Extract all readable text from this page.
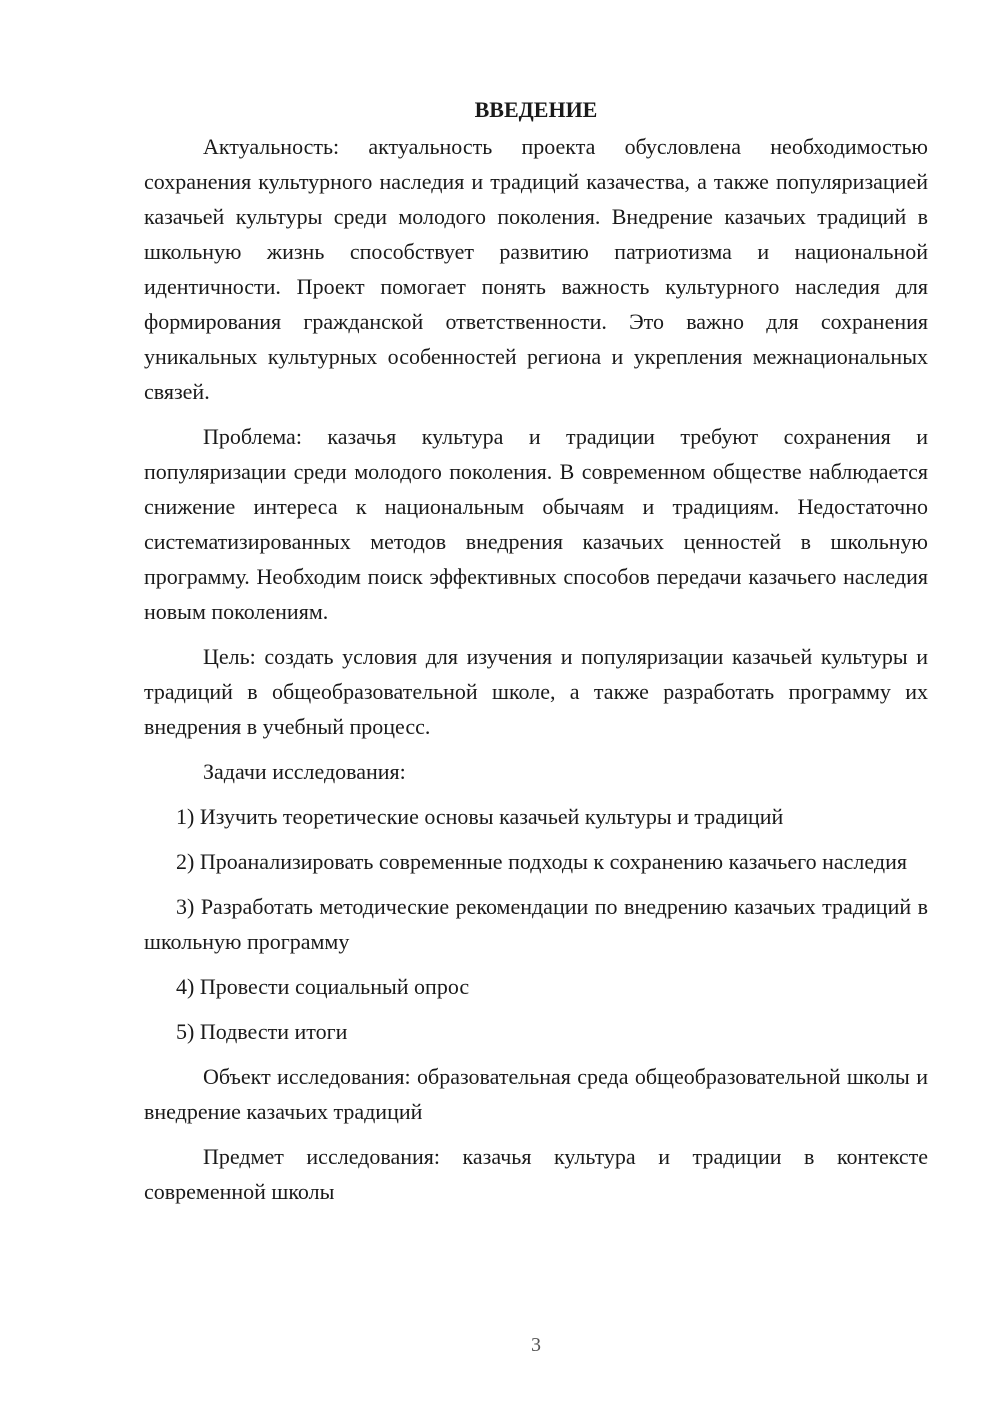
ВВЕДЕНИЕ

Актуальность: актуальность проекта обусловлена необходимостью сохранения культурного наследия и традиций казачества, а также популяризацией казачьей культуры среди молодого поколения. Внедрение казачьих традиций в школьную жизнь способствует развитию патриотизма и национальной идентичности. Проект помогает понять важность культурного наследия для формирования гражданской ответственности. Это важно для сохранения уникальных культурных особенностей региона и укрепления межнациональных связей.

Проблема: казачья культура и традиции требуют сохранения и популяризации среди молодого поколения. В современном обществе наблюдается снижение интереса к национальным обычаям и традициям. Недостаточно систематизированных методов внедрения казачьих ценностей в школьную программу. Необходим поиск эффективных способов передачи казачьего наследия новым поколениям.

Цель: создать условия для изучения и популяризации казачьей культуры и традиций в общеобразовательной школе, а также разработать программу их внедрения в учебный процесс.

Задачи исследования:

1) Изучить теоретические основы казачьей культуры и традиций

2) Проанализировать современные подходы к сохранению казачьего наследия

3) Разработать методические рекомендации по внедрению казачьих традиций в школьную программу

4) Провести социальный опрос

5) Подвести итоги

Объект исследования: образовательная среда общеобразовательной школы и внедрение казачьих традиций

Предмет исследования: казачья культура и традиции в контексте современной школы

3
